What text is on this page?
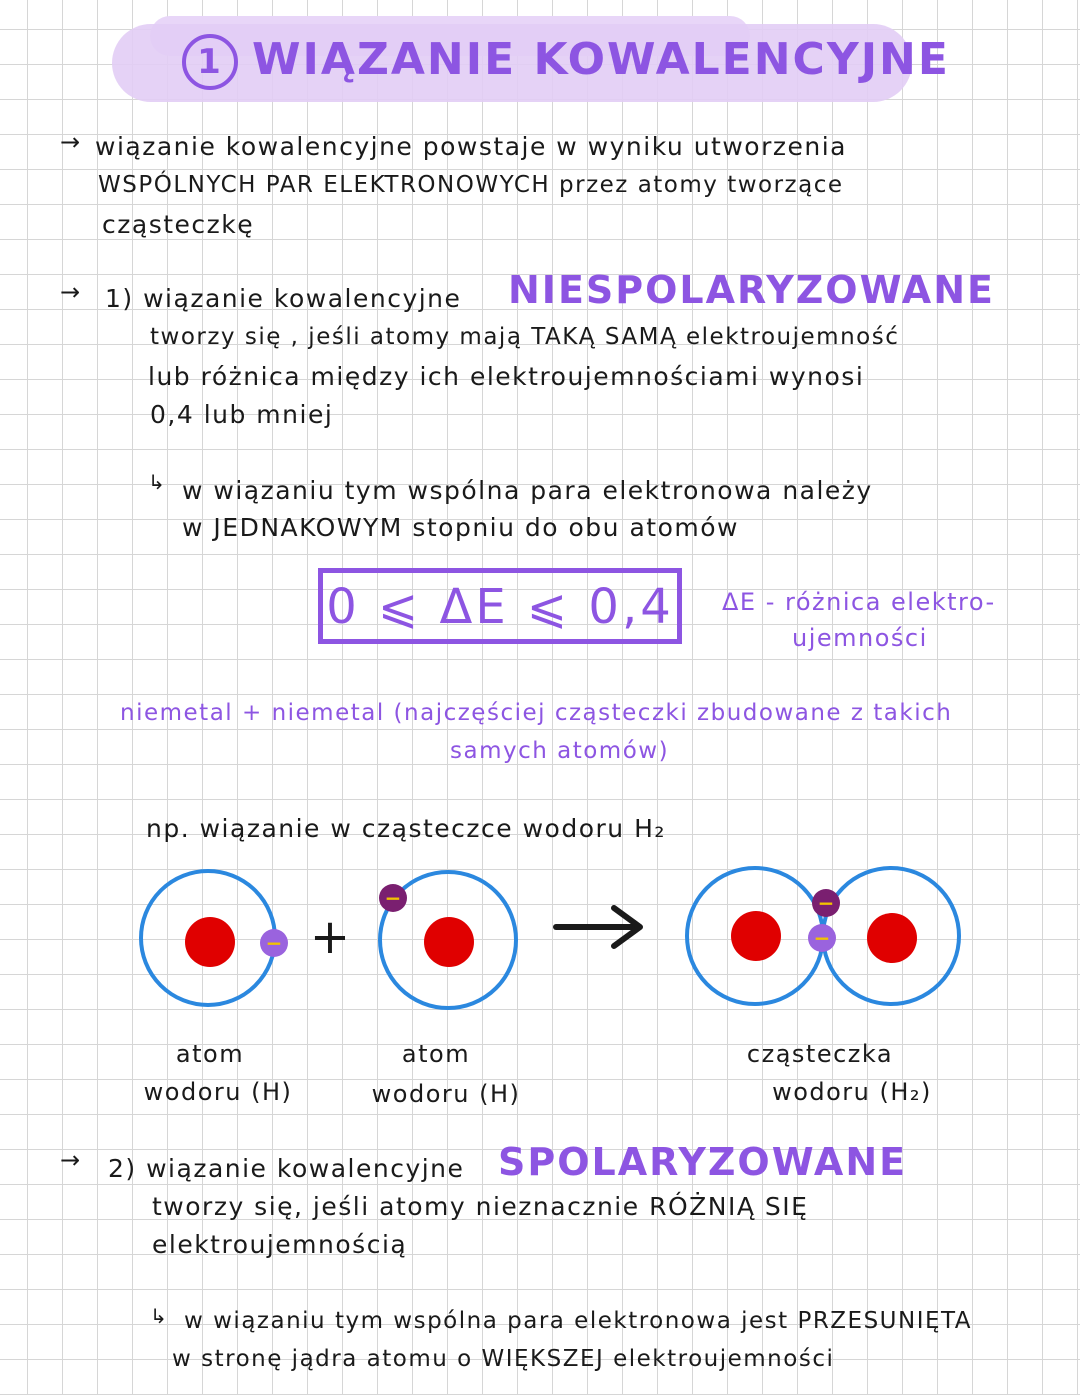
1 WIĄZANIE KOWALENCYJNE
→ wiązanie kowalencyjne powstaje w wyniku utworzenia
WSPÓLNYCH PAR ELEKTRONOWYCH przez atomy tworzące
cząsteczkę
→ 1) wiązanie kowalencyjne NIESPOLARYZOWANE
tworzy się , jeśli atomy mają TAKĄ SAMĄ elektroujemność
lub różnica między ich elektroujemnościami wynosi
0,4 lub mniej
↳ w wiązaniu tym wspólna para elektronowa należy
w JEDNAKOWYM stopniu do obu atomów
0 ⩽ ΔE ⩽ 0,4	ΔE - różnica elektro-
ujemności
niemetal + niemetal (najczęściej cząsteczki zbudowane z takich
samych atomów)
np. wiązanie w cząsteczce wodoru H₂
− +
−	−
−
atom
wodoru (H)
atom
wodoru (H)
cząsteczka
wodoru (H₂)
→ 2) wiązanie kowalencyjne SPOLARYZOWANE
tworzy się, jeśli atomy nieznacznie RÓŻNIĄ SIĘ
elektroujemnością
↳ w wiązaniu tym wspólna para elektronowa jest PRZESUNIĘTA
w stronę jądra atomu o WIĘKSZEJ elektroujemności
